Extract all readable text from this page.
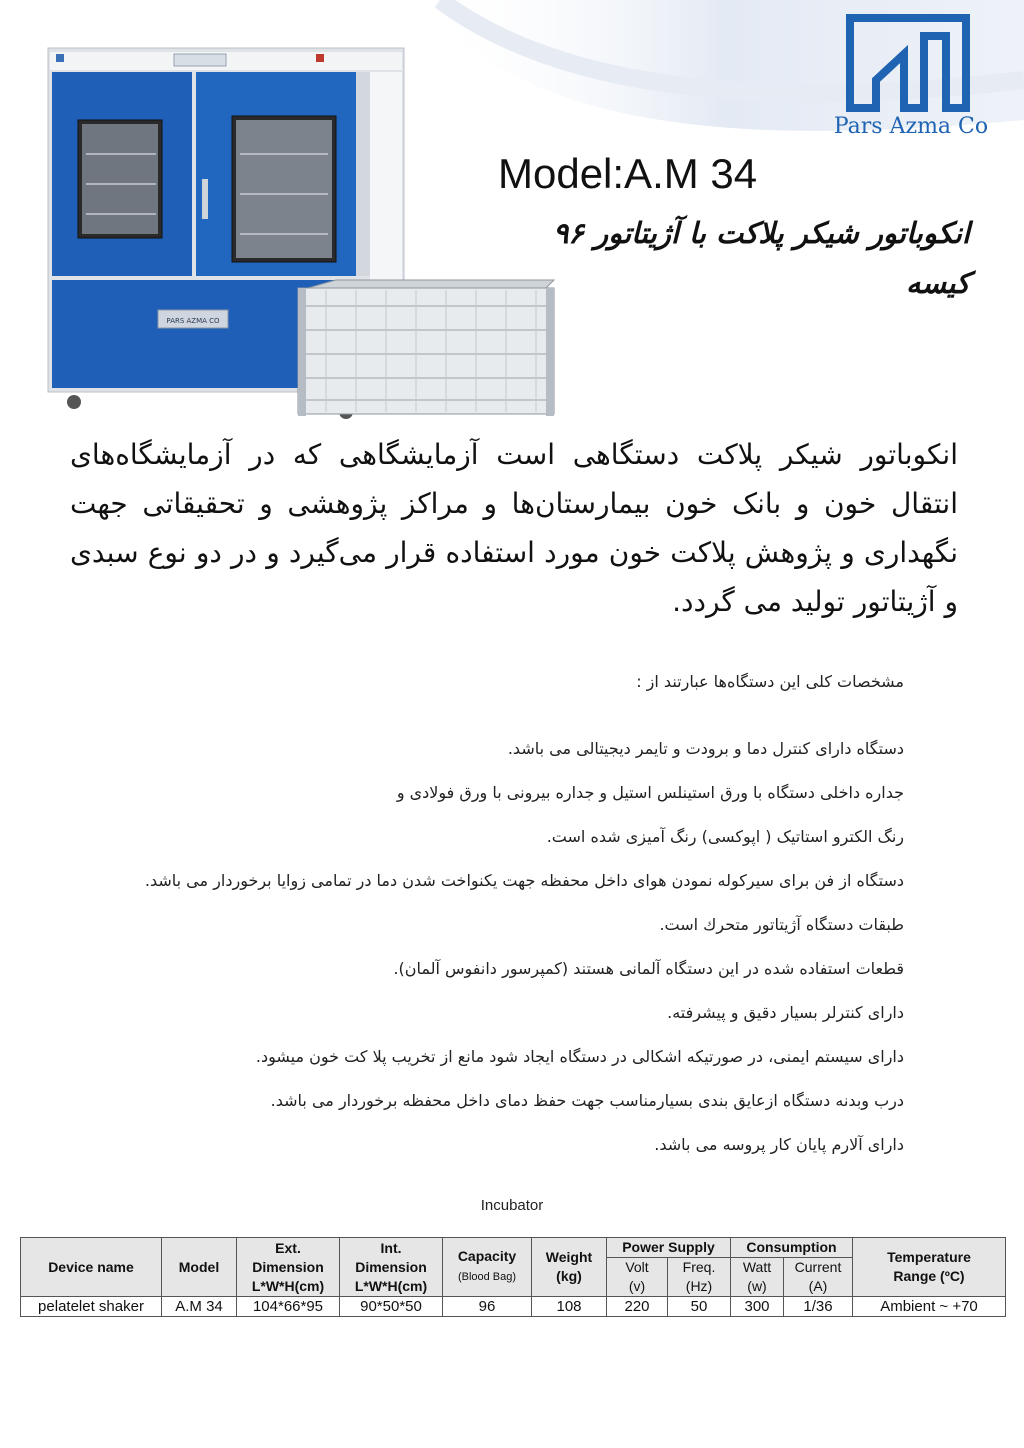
PARS AZMA CO
Pars Azma Co
Model:A.M 34
انکوباتور شیکر پلاکت با آژیتاتور ۹۶ کیسه
انکوباتور شیکر پلاکت دستگاهی است آزمایشگاهی که در آزمایشگاه‌های انتقال خون و بانک خون بیمارستان‌ها و مراکز پژوهشی و تحقیقاتی جهت نگهداری و پژوهش پلاکت خون مورد استفاده قرار می‌گیرد و در دو نوع سبدی و آژیتاتور تولید می گردد.
مشخصات کلی این دستگاه‌ها عبارتند از :
دستگاه دارای کنترل دما و برودت و تایمر دیجیتالی می باشد.
جداره داخلی دستگاه با ورق استینلس استیل و جداره بیرونی با ورق فولادی و
رنگ الکترو استاتیک ( اپوکسی) رنگ آمیزی شده است.
دستگاه از فن برای سیرکوله نمودن هوای داخل محفظه جهت یکنواخت شدن دما در تمامی زوایا برخوردار می باشد.
طبقات دستگاه آژیتاتور متحرك است.
قطعات استفاده شده در این دستگاه آلمانی هستند (کمپرسور دانفوس آلمان).
دارای کنترلر بسیار دقیق و پیشرفته.
دارای سیستم ایمنی، در صورتیکه اشکالی در دستگاه ایجاد شود مانع از تخریب پلا کت خون میشود.
درب وبدنه دستگاه ازعایق بندی بسیارمناسب جهت حفظ دمای داخل محفظه برخوردار می باشد.
دارای آلارم پایان کار پروسه می باشد.
Incubator
Device name	Model	Ext.
Dimension
L*W*H(cm)	Int.
Dimension
L*W*H(cm)	Capacity
(Blood Bag)	Weight
(kg)	Power Supply		Consumption		Temperature
Range (ºC)
						Volt
(v)	Freq.
(Hz)	Watt
(w)	Current
(A)	
pelatelet shaker	A.M 34	104*66*95	90*50*50	96	108	220	50	300	1/36	Ambient ~ +70
